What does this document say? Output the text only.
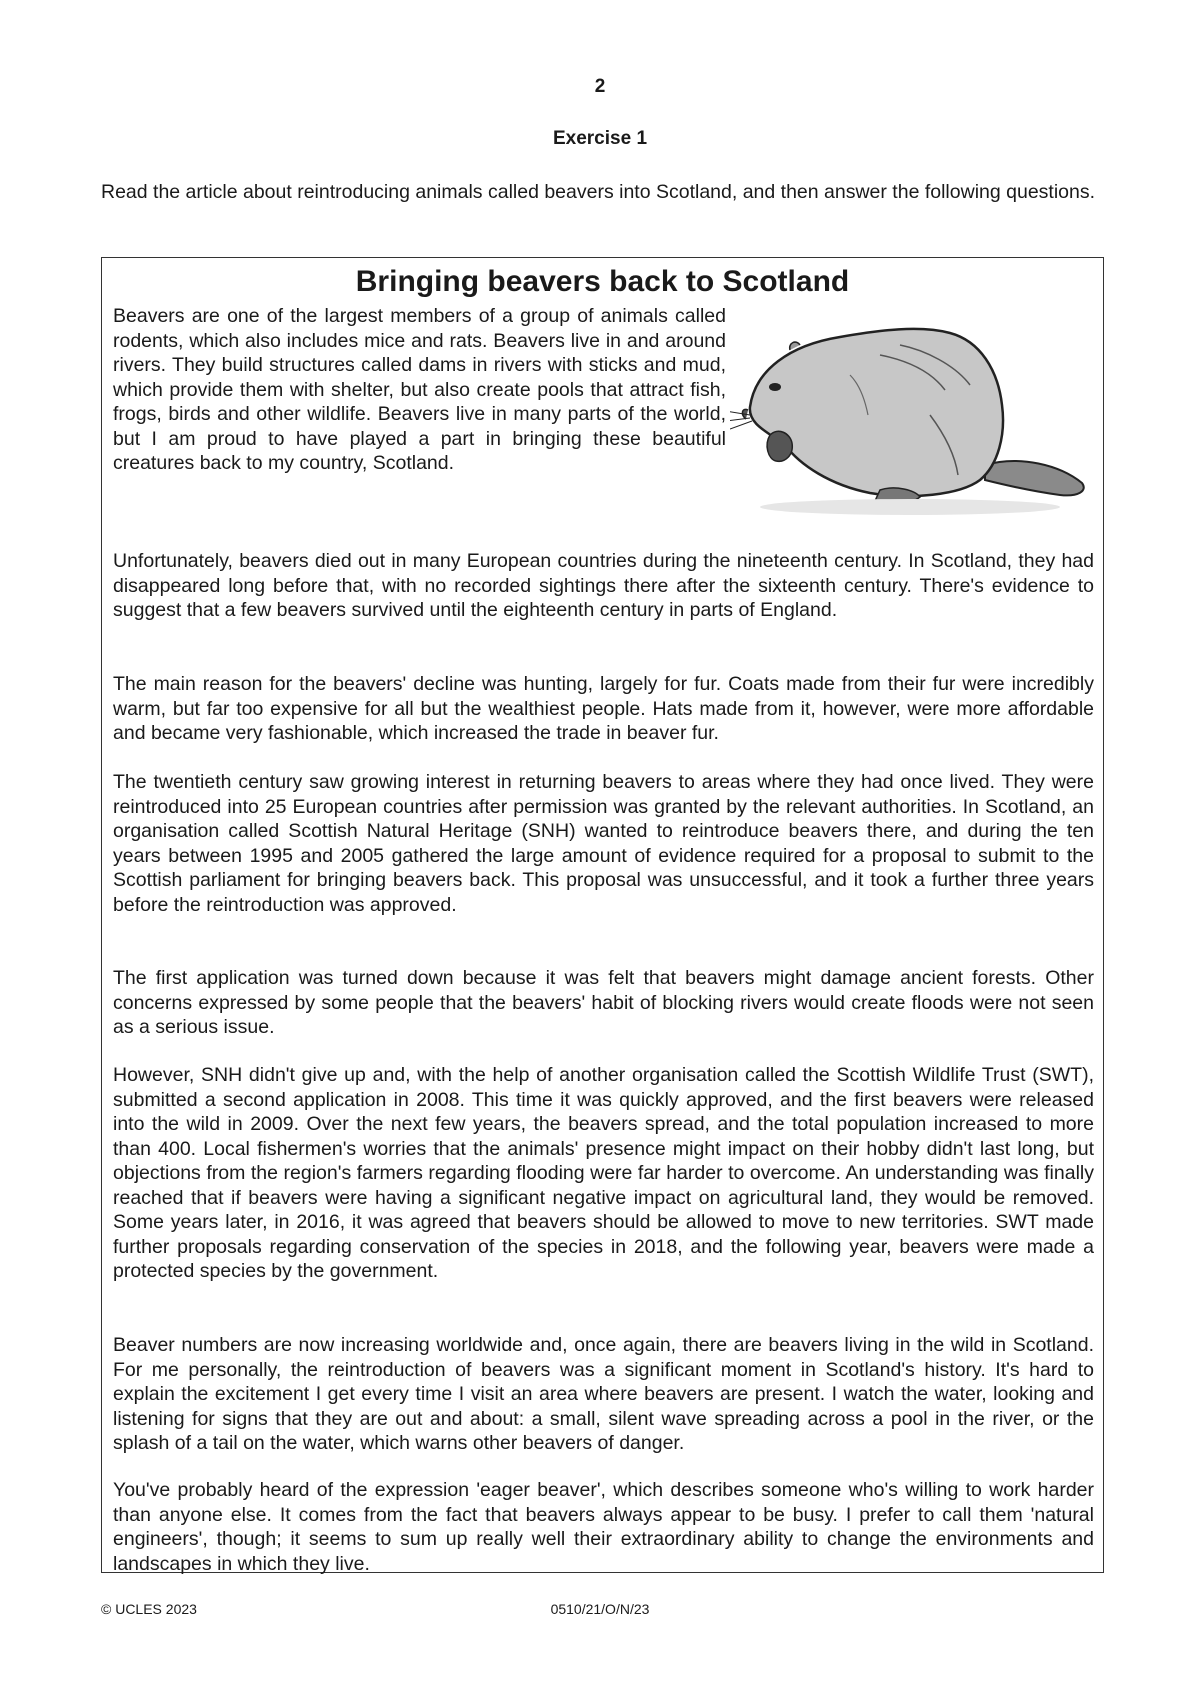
2
Exercise 1
Read the article about reintroducing animals called beavers into Scotland, and then answer the following questions.
Bringing beavers back to Scotland

Beavers are one of the largest members of a group of animals called rodents, which also includes mice and rats. Beavers live in and around rivers. They build structures called dams in rivers with sticks and mud, which provide them with shelter, but also create pools that attract fish, frogs, birds and other wildlife. Beavers live in many parts of the world, but I am proud to have played a part in bringing these beautiful creatures back to my country, Scotland.

Unfortunately, beavers died out in many European countries during the nineteenth century. In Scotland, they had disappeared long before that, with no recorded sightings there after the sixteenth century. There's evidence to suggest that a few beavers survived until the eighteenth century in parts of England.

The main reason for the beavers' decline was hunting, largely for fur. Coats made from their fur were incredibly warm, but far too expensive for all but the wealthiest people. Hats made from it, however, were more affordable and became very fashionable, which increased the trade in beaver fur.

The twentieth century saw growing interest in returning beavers to areas where they had once lived. They were reintroduced into 25 European countries after permission was granted by the relevant authorities. In Scotland, an organisation called Scottish Natural Heritage (SNH) wanted to reintroduce beavers there, and during the ten years between 1995 and 2005 gathered the large amount of evidence required for a proposal to submit to the Scottish parliament for bringing beavers back. This proposal was unsuccessful, and it took a further three years before the reintroduction was approved.

The first application was turned down because it was felt that beavers might damage ancient forests. Other concerns expressed by some people that the beavers' habit of blocking rivers would create floods were not seen as a serious issue.

However, SNH didn't give up and, with the help of another organisation called the Scottish Wildlife Trust (SWT), submitted a second application in 2008. This time it was quickly approved, and the first beavers were released into the wild in 2009. Over the next few years, the beavers spread, and the total population increased to more than 400. Local fishermen's worries that the animals' presence might impact on their hobby didn't last long, but objections from the region's farmers regarding flooding were far harder to overcome. An understanding was finally reached that if beavers were having a significant negative impact on agricultural land, they would be removed. Some years later, in 2016, it was agreed that beavers should be allowed to move to new territories. SWT made further proposals regarding conservation of the species in 2018, and the following year, beavers were made a protected species by the government.

Beaver numbers are now increasing worldwide and, once again, there are beavers living in the wild in Scotland. For me personally, the reintroduction of beavers was a significant moment in Scotland's history. It's hard to explain the excitement I get every time I visit an area where beavers are present. I watch the water, looking and listening for signs that they are out and about: a small, silent wave spreading across a pool in the river, or the splash of a tail on the water, which warns other beavers of danger.

You've probably heard of the expression 'eager beaver', which describes someone who's willing to work harder than anyone else. It comes from the fact that beavers always appear to be busy. I prefer to call them 'natural engineers', though; it seems to sum up really well their extraordinary ability to change the environments and landscapes in which they live.

© UCLES 2023	0510/21/O/N/23
